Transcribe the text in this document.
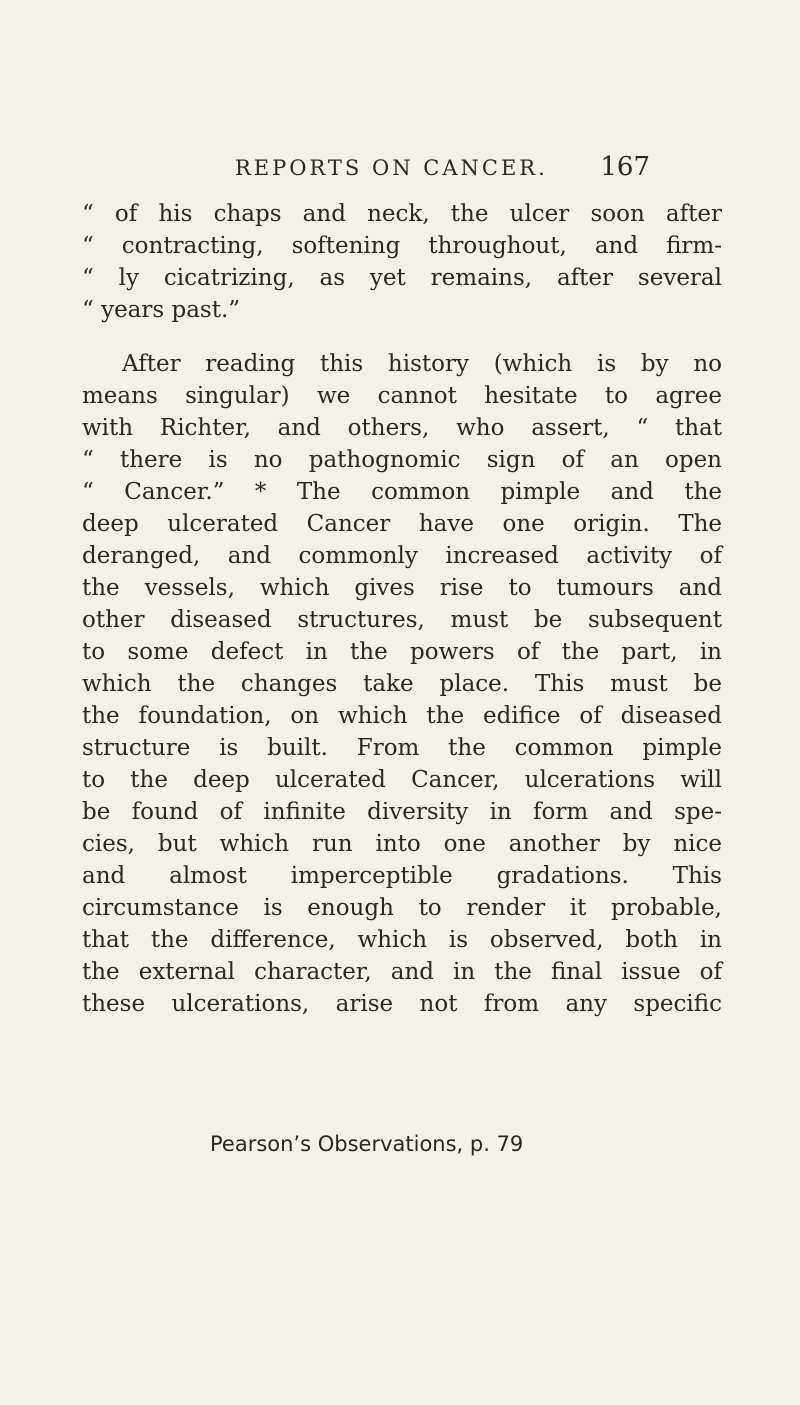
REPORTS ON CANCER. 167
“ of his chaps and neck, the ulcer soon after
“ contracting, softening throughout, and firm-
“ ly cicatrizing, as yet remains, after several
“ years past.”
After reading this history (which is by no
means singular) we cannot hesitate to agree
with Richter, and others, who assert, “ that
“ there is no pathognomic sign of an open
“ Cancer.” * The common pimple and the
deep ulcerated Cancer have one origin. The
deranged, and commonly increased activity of
the vessels, which gives rise to tumours and
other diseased structures, must be subsequent
to some defect in the powers of the part, in
which the changes take place. This must be
the foundation, on which the edifice of diseased
structure is built. From the common pimple
to the deep ulcerated Cancer, ulcerations will
be found of infinite diversity in form and spe-
cies, but which run into one another by nice
and almost imperceptible gradations. This
circumstance is enough to render it probable,
that the difference, which is observed, both in
the external character, and in the final issue of
these ulcerations, arise not from any specific
Pearson’s Observations, p. 79
